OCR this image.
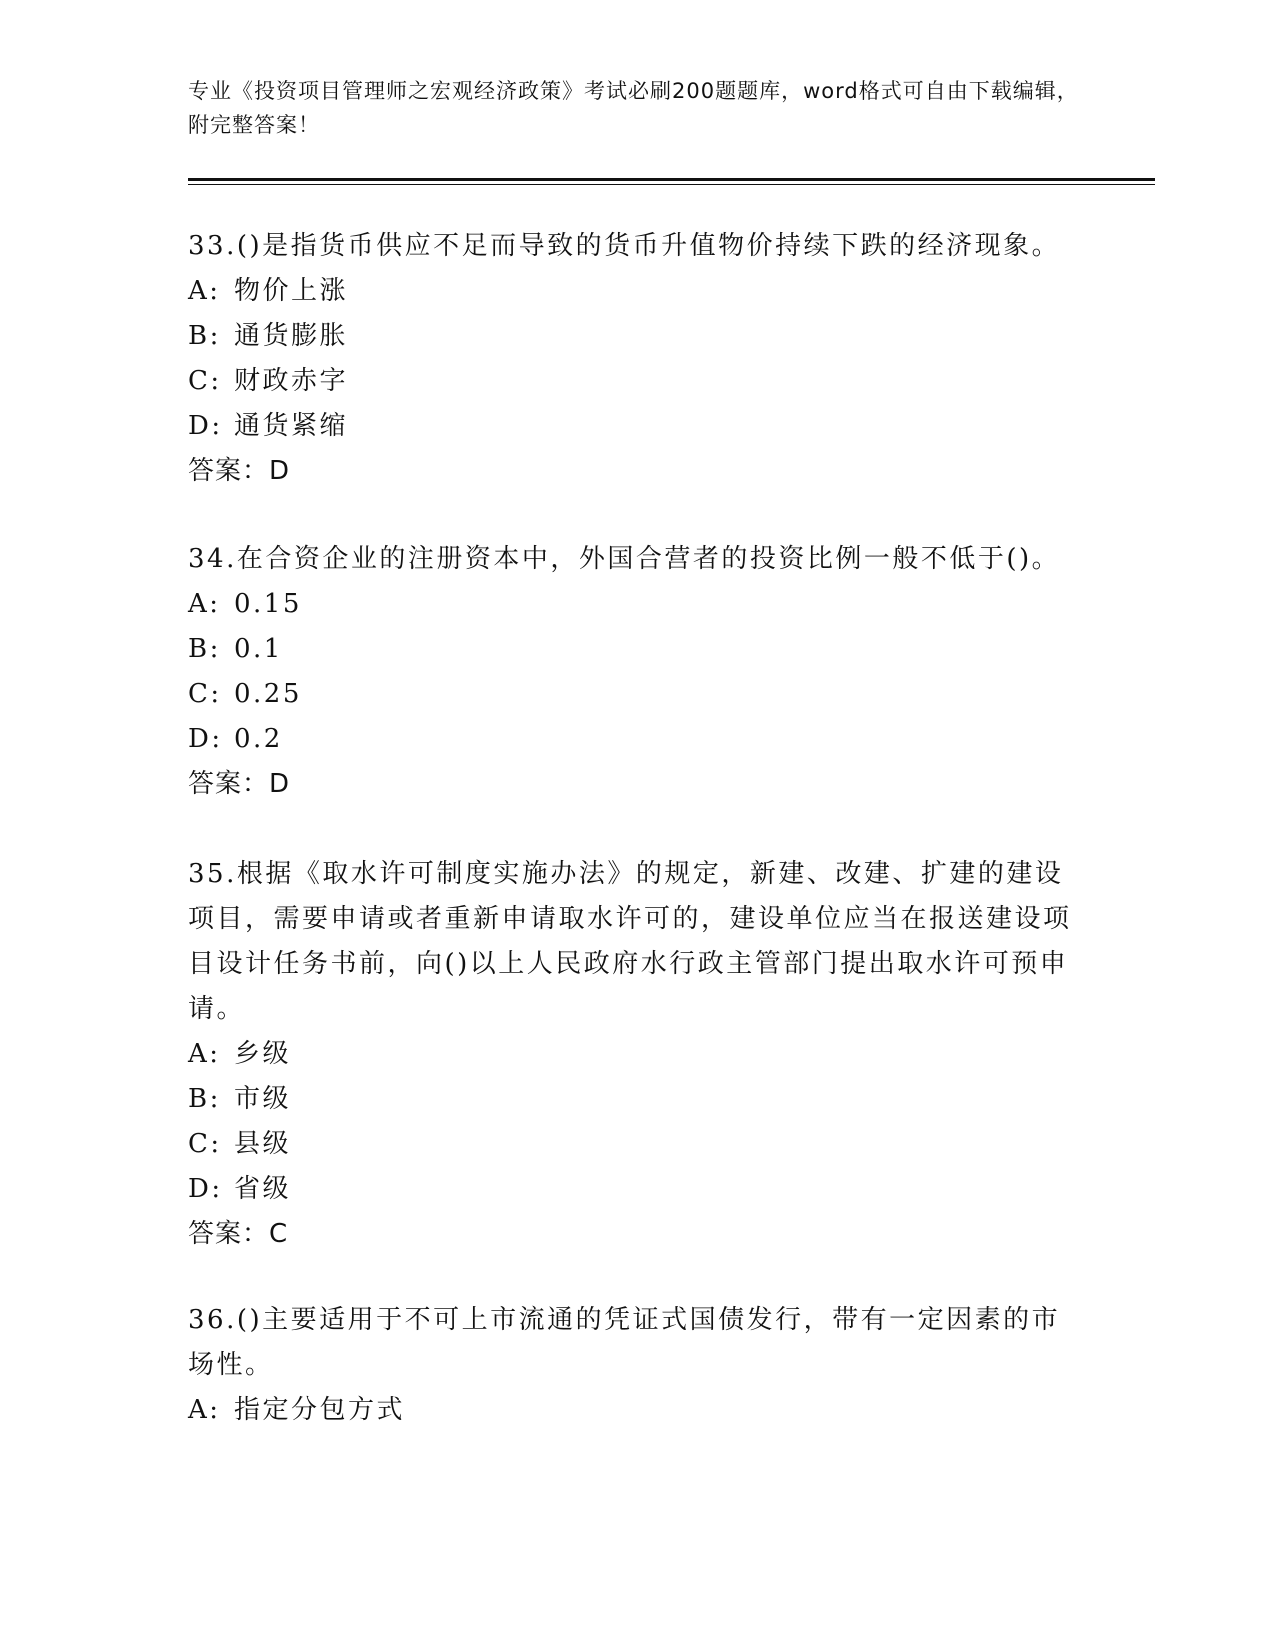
专业《投资项目管理师之宏观经济政策》考试必刷200题题库，word格式可自由下载编辑，附完整答案！

33.()是指货币供应不足而导致的货币升值物价持续下跌的经济现象。

A: 物价上涨

B: 通货膨胀

C: 财政赤字

D: 通货紧缩

答案：D

34.在合资企业的注册资本中，外国合营者的投资比例一般不低于()。

A: 0.15

B: 0.1

C: 0.25

D: 0.2

答案：D

35.根据《取水许可制度实施办法》的规定，新建、改建、扩建的建设项目，需要申请或者重新申请取水许可的，建设单位应当在报送建设项目设计任务书前，向()以上人民政府水行政主管部门提出取水许可预申请。

A: 乡级

B: 市级

C: 县级

D: 省级

答案：C

36.()主要适用于不可上市流通的凭证式国债发行，带有一定因素的市场性。

A: 指定分包方式
